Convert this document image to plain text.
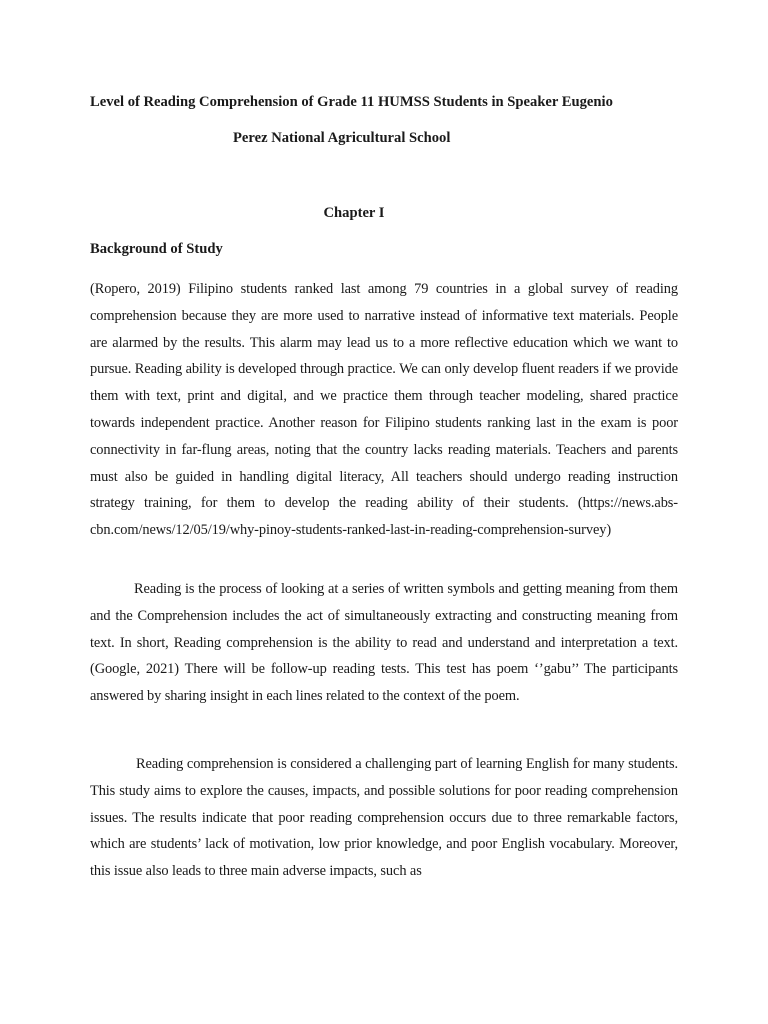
Level of Reading Comprehension of Grade 11 HUMSS Students in Speaker Eugenio
Perez National Agricultural School
Chapter I
Background of Study

(Ropero, 2019) Filipino students ranked last among 79 countries in a global survey of reading comprehension because they are more used to narrative instead of informative text materials. People are alarmed by the results. This alarm may lead us to a more reflective education which we want to pursue. Reading ability is developed through practice. We can only develop fluent readers if we provide them with text, print and digital, and we practice them through teacher modeling, shared practice towards independent practice. Another reason for Filipino students ranking last in the exam is poor connectivity in far-flung areas, noting that the country lacks reading materials. Teachers and parents must also be guided in handling digital literacy, All teachers should undergo reading instruction strategy training, for them to develop the reading ability of their students. (https://news.abs-cbn.com/news/12/05/19/why-pinoy-students-ranked-last-in-reading-comprehension-survey)

Reading is the process of looking at a series of written symbols and getting meaning from them and the Comprehension includes the act of simultaneously extracting and constructing meaning from text. In short, Reading comprehension is the ability to read and understand and interpretation a text. (Google, 2021) There will be follow-up reading tests. This test has poem ‘’gabu’’ The participants answered by sharing insight in each lines related to the context of the poem.

Reading comprehension is considered a challenging part of learning English for many students. This study aims to explore the causes, impacts, and possible solutions for poor reading comprehension issues. The results indicate that poor reading comprehension occurs due to three remarkable factors, which are students’ lack of motivation, low prior knowledge, and poor English vocabulary. Moreover, this issue also leads to three main adverse impacts, such as
